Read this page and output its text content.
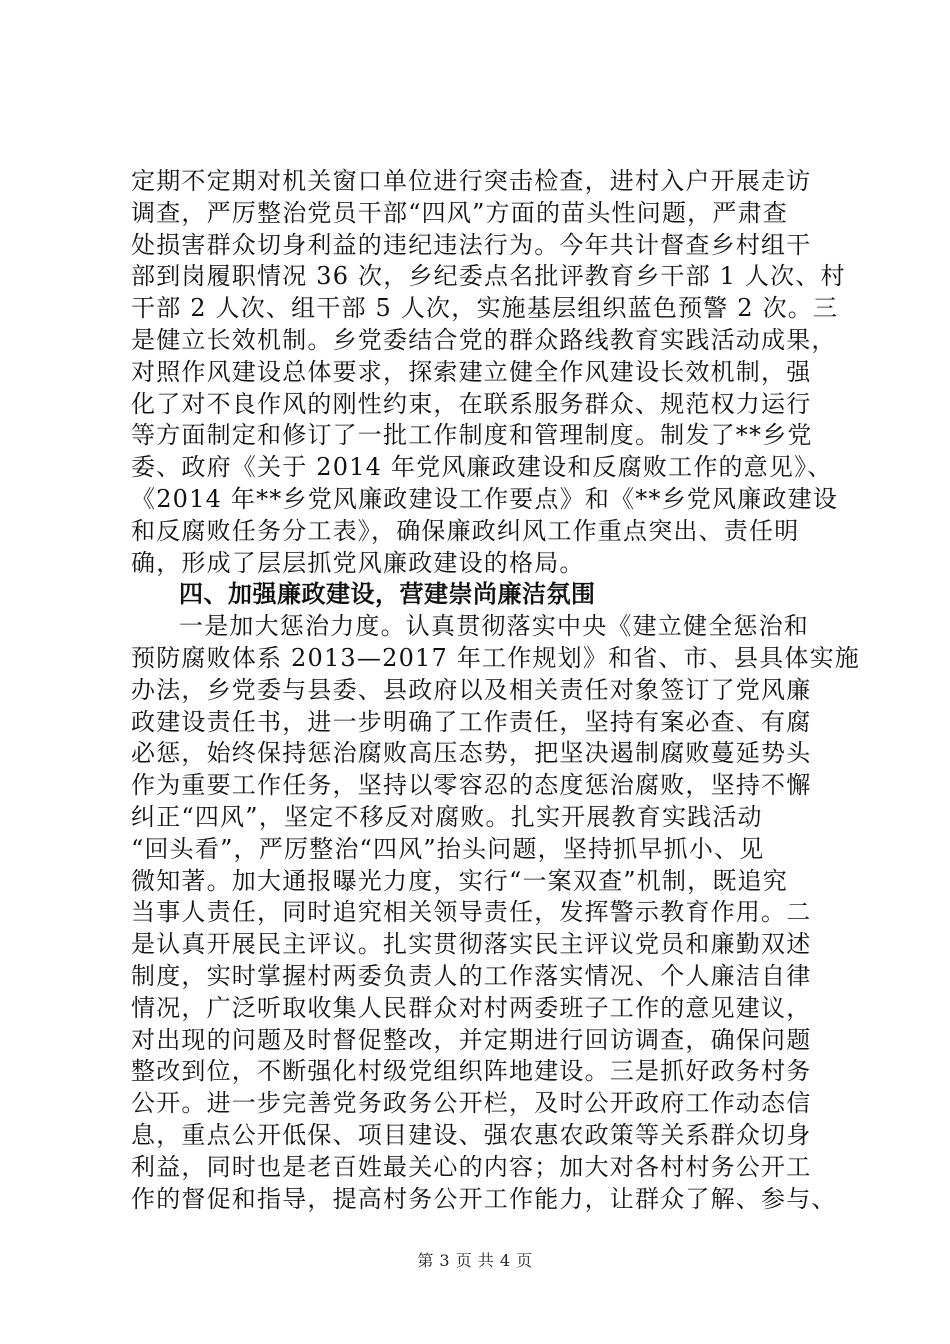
定期不定期对机关窗口单位进行突击检查，进村入户开展走访
调查，严厉整治党员干部“四风”方面的苗头性问题，严肃查
处损害群众切身利益的违纪违法行为。今年共计督查乡村组干
部到岗履职情况 36 次，乡纪委点名批评教育乡干部 1 人次、村
干部 2 人次、组干部 5 人次，实施基层组织蓝色预警 2 次。三
是健立长效机制。乡党委结合党的群众路线教育实践活动成果，
对照作风建设总体要求，探索建立健全作风建设长效机制，强
化了对不良作风的刚性约束，在联系服务群众、规范权力运行
等方面制定和修订了一批工作制度和管理制度。制发了**乡党
委、政府《关于 2014 年党风廉政建设和反腐败工作的意见》、
《2014 年**乡党风廉政建设工作要点》和《**乡党风廉政建设
和反腐败任务分工表》，确保廉政纠风工作重点突出、责任明
确，形成了层层抓党风廉政建设的格局。
四、加强廉政建设，营建崇尚廉洁氛围
一是加大惩治力度。认真贯彻落实中央《建立健全惩治和
预防腐败体系 2013—2017 年工作规划》和省、市、县具体实施
办法，乡党委与县委、县政府以及相关责任对象签订了党风廉
政建设责任书，进一步明确了工作责任，坚持有案必查、有腐
必惩，始终保持惩治腐败高压态势，把坚决遏制腐败蔓延势头
作为重要工作任务，坚持以零容忍的态度惩治腐败，坚持不懈
纠正“四风”，坚定不移反对腐败。扎实开展教育实践活动
“回头看”，严厉整治“四风”抬头问题，坚持抓早抓小、见
微知著。加大通报曝光力度，实行“一案双查”机制，既追究
当事人责任，同时追究相关领导责任，发挥警示教育作用。二
是认真开展民主评议。扎实贯彻落实民主评议党员和廉勤双述
制度，实时掌握村两委负责人的工作落实情况、个人廉洁自律
情况，广泛听取收集人民群众对村两委班子工作的意见建议，
对出现的问题及时督促整改，并定期进行回访调查，确保问题
整改到位，不断强化村级党组织阵地建设。三是抓好政务村务
公开。进一步完善党务政务公开栏，及时公开政府工作动态信
息，重点公开低保、项目建设、强农惠农政策等关系群众切身
利益，同时也是老百姓最关心的内容；加大对各村村务公开工
作的督促和指导，提高村务公开工作能力，让群众了解、参与、
第 3 页 共 4 页
